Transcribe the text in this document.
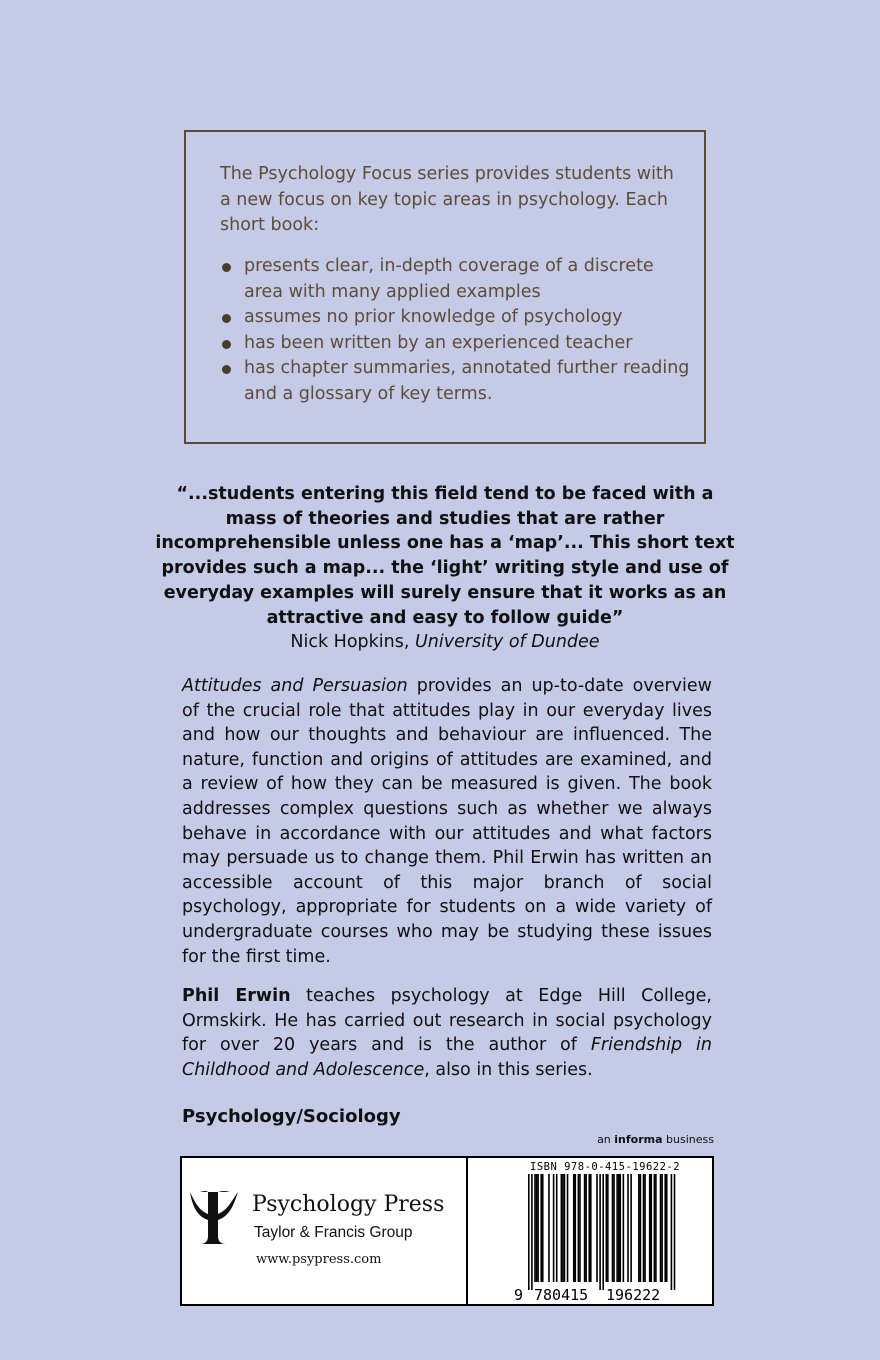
The Psychology Focus series provides students with a new focus on key topic areas in psychology. Each short book:
presents clear, in-depth coverage of a discrete area with many applied examples
assumes no prior knowledge of psychology
has been written by an experienced teacher
has chapter summaries, annotated further reading and a glossary of key terms.
“...students entering this field tend to be faced with a mass of theories and studies that are rather incomprehensible unless one has a ‘map’... This short text provides such a map... the ‘light’ writing style and use of everyday examples will surely ensure that it works as an attractive and easy to follow guide”
Nick Hopkins, University of Dundee
Attitudes and Persuasion provides an up-to-date overview of the crucial role that attitudes play in our everyday lives and how our thoughts and behaviour are influenced. The nature, function and origins of attitudes are examined, and a review of how they can be measured is given. The book addresses complex questions such as whether we always behave in accordance with our attitudes and what factors may persuade us to change them. Phil Erwin has written an accessible account of this major branch of social psychology, appropriate for students on a wide variety of undergraduate courses who may be studying these issues for the first time.
Phil Erwin teaches psychology at Edge Hill College, Ormskirk. He has carried out research in social psychology for over 20 years and is the author of Friendship in Childhood and Adolescence, also in this series.
Psychology/Sociology
an informa business
Psychology Press
Taylor & Francis Group
www.psypress.com
ISBN 978-0-415-19622-2
9 780415 196222
